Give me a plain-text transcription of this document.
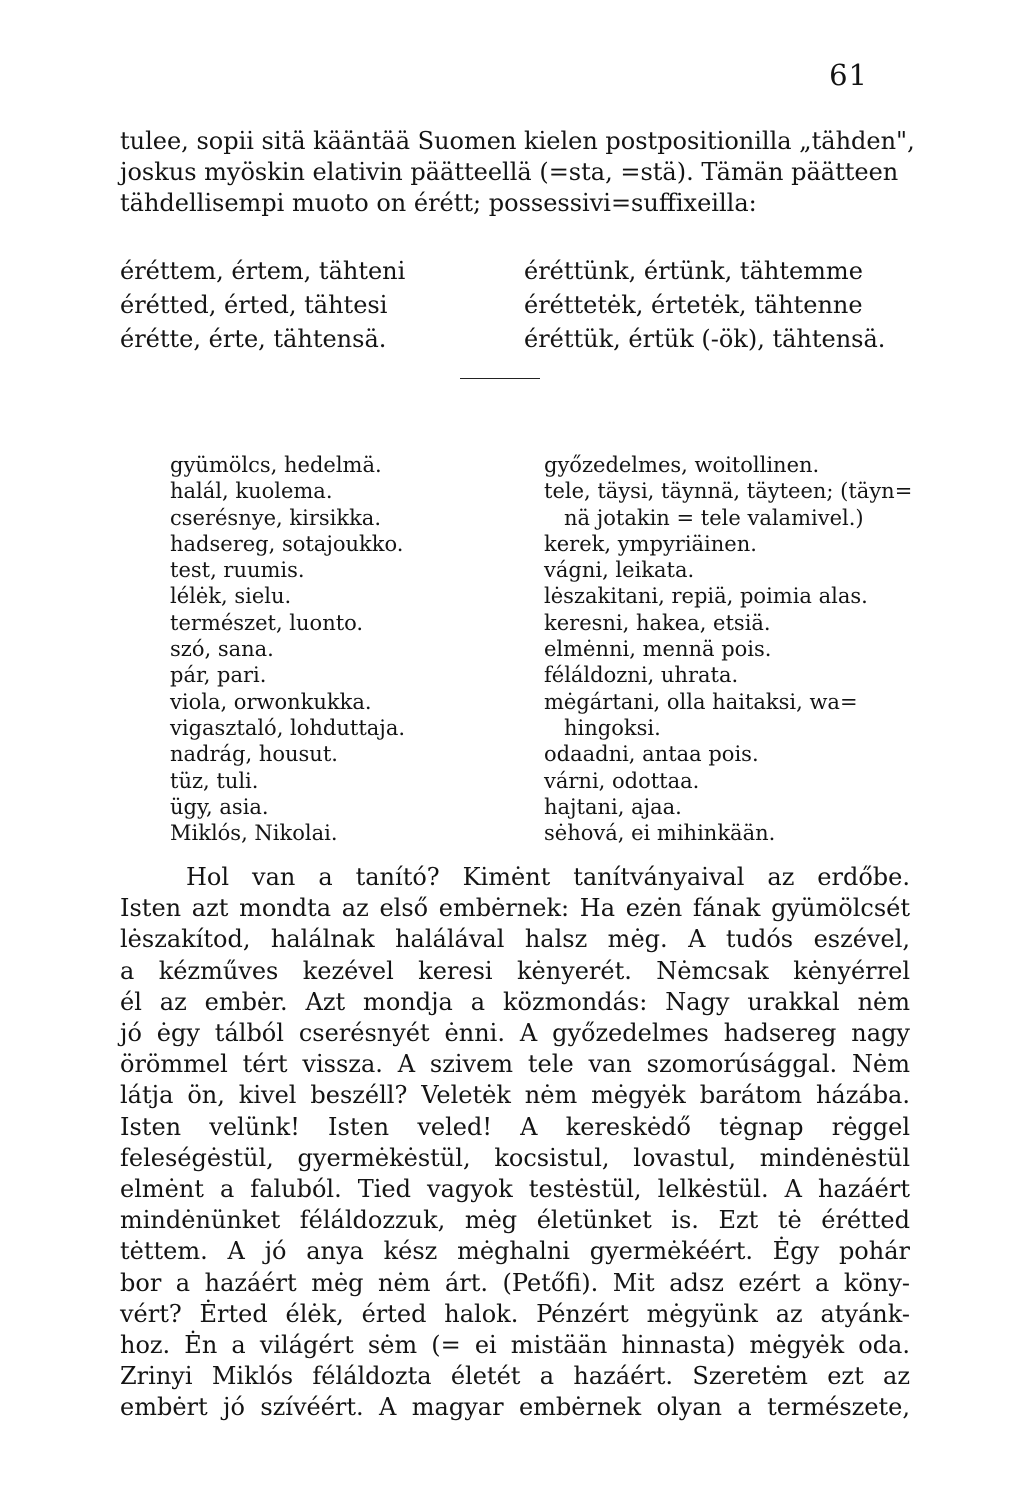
61

tulee, sopii sitä kääntää Suomen kielen postpositionilla „tähden",

joskus myöskin elativin päätteellä (=sta, =stä). Tämän päätteen

tähdellisempi muoto on érétt; possessivi=suffixeilla:

éréttem, értem, tähteni
érétted, érted, tähtesi
érétte, érte, tähtensä.
éréttünk, értünk, tähtemme
éréttetėk, értetėk, tähtenne
éréttük, értük (-ök), tähtensä.
gyümölcs, hedelmä.
halál, kuolema.
cserésnye, kirsikka.
hadsereg, sotajoukko.
test, ruumis.
lélėk, sielu.
természet, luonto.
szó, sana.
pár, pari.
viola, orwonkukka.
vigasztaló, lohduttaja.
nadrág, housut.
tüz, tuli.
ügy, asia.
Miklós, Nikolai.
győzedelmes, woitollinen.
tele, täysi, täynnä, täyteen; (täyn=
nä jotakin = tele valamivel.)
kerek, ympyriäinen.
vágni, leikata.
lėszakitani, repiä, poimia alas.
keresni, hakea, etsiä.
elmėnni, mennä pois.
féláldozni, uhrata.
mėgártani, olla haitaksi, wa=
hingoksi.
odaadni, antaa pois.
várni, odottaa.
hajtani, ajaa.
sėhová, ei mihinkään.
Hol van a tanító? Kimėnt tanítványaival az erdőbe.
Isten azt mondta az első embėrnek: Ha ezėn fának gyümölcsét
lėszakítod, halálnak halálával halsz mėg. A tudós eszével,
a kézműves kezével keresi kėnyerét. Nėmcsak kėnyérrel
él az embėr. Azt mondja a közmondás: Nagy urakkal nėm
jó ėgy tálból cserésnyét ėnni. A győzedelmes hadsereg nagy
örömmel tért vissza. A szivem tele van szomorúsággal. Nėm
látja ön, kivel beszéll? Veletėk nėm mėgyėk barátom házába.
Isten velünk! Isten veled! A kereskėdő tėgnap rėggel
feleségėstül, gyermėkėstül, kocsistul, lovastul, mindėnėstül
elmėnt a faluból. Tied vagyok testėstül, lelkėstül. A hazáért
mindėnünket féláldozzuk, mėg életünket is. Ezt tė érétted
tėttem. A jó anya kész mėghalni gyermėkéért. Ėgy pohár
bor a hazáért mėg nėm árt. (Petőfi). Mit adsz ezért a köny-
vért? Ėrted élėk, érted halok. Pénzért mėgyünk az atyánk-
hoz. Ėn a világért sėm (= ei mistään hinnasta) mėgyėk oda.
Zrinyi Miklós féláldozta életét a hazáért. Szeretėm ezt az
embėrt jó szívéért. A magyar embėrnek olyan a természete,
